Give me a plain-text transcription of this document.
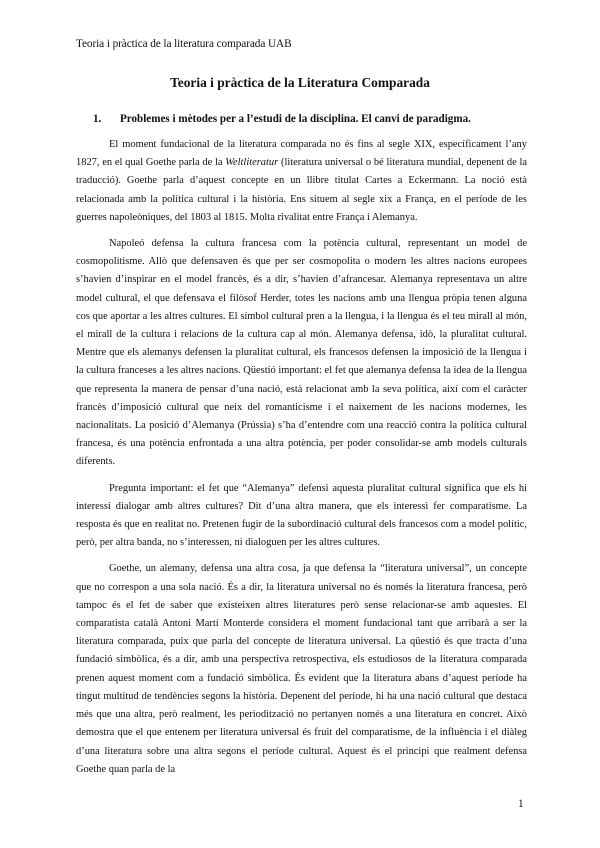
Teoria i pràctica de la literatura comparada UAB
Teoria i pràctica de la Literatura Comparada
1. Problemes i mètodes per a l’estudi de la disciplina. El canvi de paradigma.

El moment fundacional de la literatura comparada no és fins al segle XIX, específicament l’any 1827, en el qual Goethe parla de la Weltliteratur (literatura universal o bé literatura mundial, depenent de la traducció). Goethe parla d’aquest concepte en un llibre titulat Cartes a Eckermann. La noció està relacionada amb la política cultural i la història. Ens situem al segle xix a França, en el període de les guerres napoleòniques, del 1803 al 1815. Molta rivalitat entre França i Alemanya.

Napoleó defensa la cultura francesa com la potència cultural, representant un model de cosmopolitisme. Allò que defensaven és que per ser cosmopolita o modern les altres nacions europees s’havien d’inspirar en el model francès, és a dir, s’havien d’afrancesar. Alemanya representava un altre model cultural, el que defensava el filòsof Herder, totes les nacions amb una llengua pròpia tenen alguna cos que aportar a les altres cultures. El símbol cultural pren a la llengua, i la llengua és el teu mirall al món, el mirall de la cultura i relacions de la cultura cap al món. Alemanya defensa, idò, la pluralitat cultural. Mentre que els alemanys defensen la pluralitat cultural, els francesos defensen la imposició de la llengua i la cultura franceses a les altres nacions. Qüestió important: el fet que alemanya defensa la idea de la llengua que representa la manera de pensar d’una nació, està relacionat amb la seva política, així com el caràcter francès d’imposició cultural que neix del romanticisme i el naixement de les nacions modernes, les nacionalitats. La posició d’Alemanya (Prússia) s’ha d’entendre com una reacció contra la política cultural francesa, és una potència enfrontada a una altra potència, per poder consolidar-se amb models culturals diferents.

Pregunta important: el fet que “Alemanya” defensi aquesta pluralitat cultural significa que els hi interessi dialogar amb altres cultures? Dit d’una altra manera, que els interessi fer comparatisme. La resposta és que en realitat no. Pretenen fugir de la subordinació cultural dels francesos com a model polític, però, per altra banda, no s’interessen, ni dialoguen per les altres cultures.

Goethe, un alemany, defensa una altra cosa, ja que defensa la “literatura universal”, un concepte que no correspon a una sola nació. És a dir, la literatura universal no és només la literatura francesa, però tampoc és el fet de saber que existeixen altres literatures però sense relacionar-se amb aquestes. El comparatista català Antoni Martí Monterde considera el moment fundacional tant que arribarà a ser la literatura comparada, puix que parla del concepte de literatura universal. La qüestió és que tracta d’una fundació simbòlica, és a dir, amb una perspectiva retrospectiva, els estudiosos de la literatura comparada prenen aquest moment com a fundació simbòlica. És evident que la literatura abans d’aquest període ha tingut multitud de tendències segons la història. Depenent del període, hi ha una nació cultural que destaca més que una altra, però realment, les periodització no pertanyen només a una literatura en concret. Això demostra que el que entenem per literatura universal és fruit del comparatisme, de la influència i el diàleg d’una literatura sobre una altra segons el període cultural. Aquest és el principi que realment defensa Goethe quan parla de la

1
